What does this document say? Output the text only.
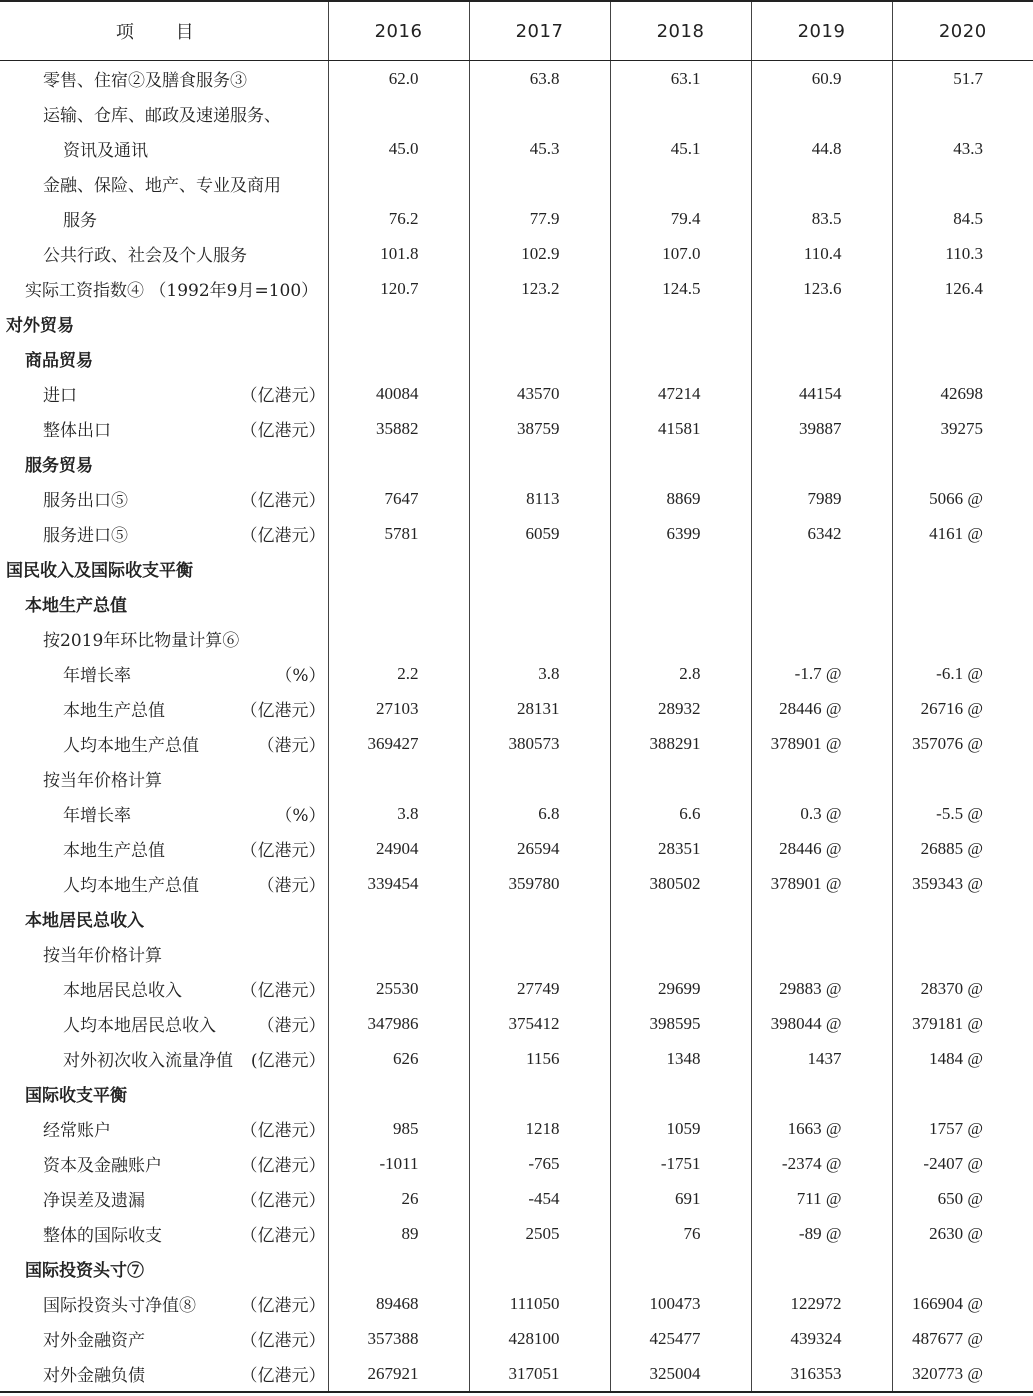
项 目	2016	2017	2018	2019	2020

零售、住宿②及膳食服务③	62.0	63.8	63.1	60.9	51.7

运输、仓库、邮政及速递服务、					

资讯及通讯	45.0	45.3	45.1	44.8	43.3

金融、保险、地产、专业及商用					

服务	76.2	77.9	79.4	83.5	84.5

公共行政、社会及个人服务	101.8	102.9	107.0	110.4	110.3

实际工资指数④ （1992年9月=100）	120.7	123.2	124.5	123.6	126.4

对外贸易					

商品贸易					

进口 （亿港元）	40084	43570	47214	44154	42698

整体出口 （亿港元）	35882	38759	41581	39887	39275

服务贸易					

服务出口⑤ （亿港元）	7647	8113	8869	7989	5066 @

服务进口⑤ （亿港元）	5781	6059	6399	6342	4161 @

国民收入及国际收支平衡					

本地生产总值					

按2019年环比物量计算⑥					

年增长率 （%）	2.2	3.8	2.8	-1.7 @	-6.1 @

本地生产总值 （亿港元）	27103	28131	28932	28446 @	26716 @

人均本地生产总值 （港元）	369427	380573	388291	378901 @	357076 @

按当年价格计算					

年增长率 （%）	3.8	6.8	6.6	0.3 @	-5.5 @

本地生产总值 （亿港元）	24904	26594	28351	28446 @	26885 @

人均本地生产总值 （港元）	339454	359780	380502	378901 @	359343 @

本地居民总收入					

按当年价格计算					

本地居民总收入 （亿港元）	25530	27749	29699	29883 @	28370 @

人均本地居民总收入 （港元）	347986	375412	398595	398044 @	379181 @

对外初次收入流量净值 (亿港元）	626	1156	1348	1437	1484 @

国际收支平衡					

经常账户 （亿港元）	985	1218	1059	1663 @	1757 @

资本及金融账户 （亿港元）	-1011	-765	-1751	-2374 @	-2407 @

净误差及遗漏 （亿港元）	26	-454	691	711 @	650 @

整体的国际收支 （亿港元）	89	2505	76	-89 @	2630 @

国际投资头寸⑦					

国际投资头寸净值⑧ （亿港元）	89468	111050	100473	122972	166904 @

对外金融资产 （亿港元）	357388	428100	425477	439324	487677 @

对外金融负债 （亿港元）	267921	317051	325004	316353	320773 @
